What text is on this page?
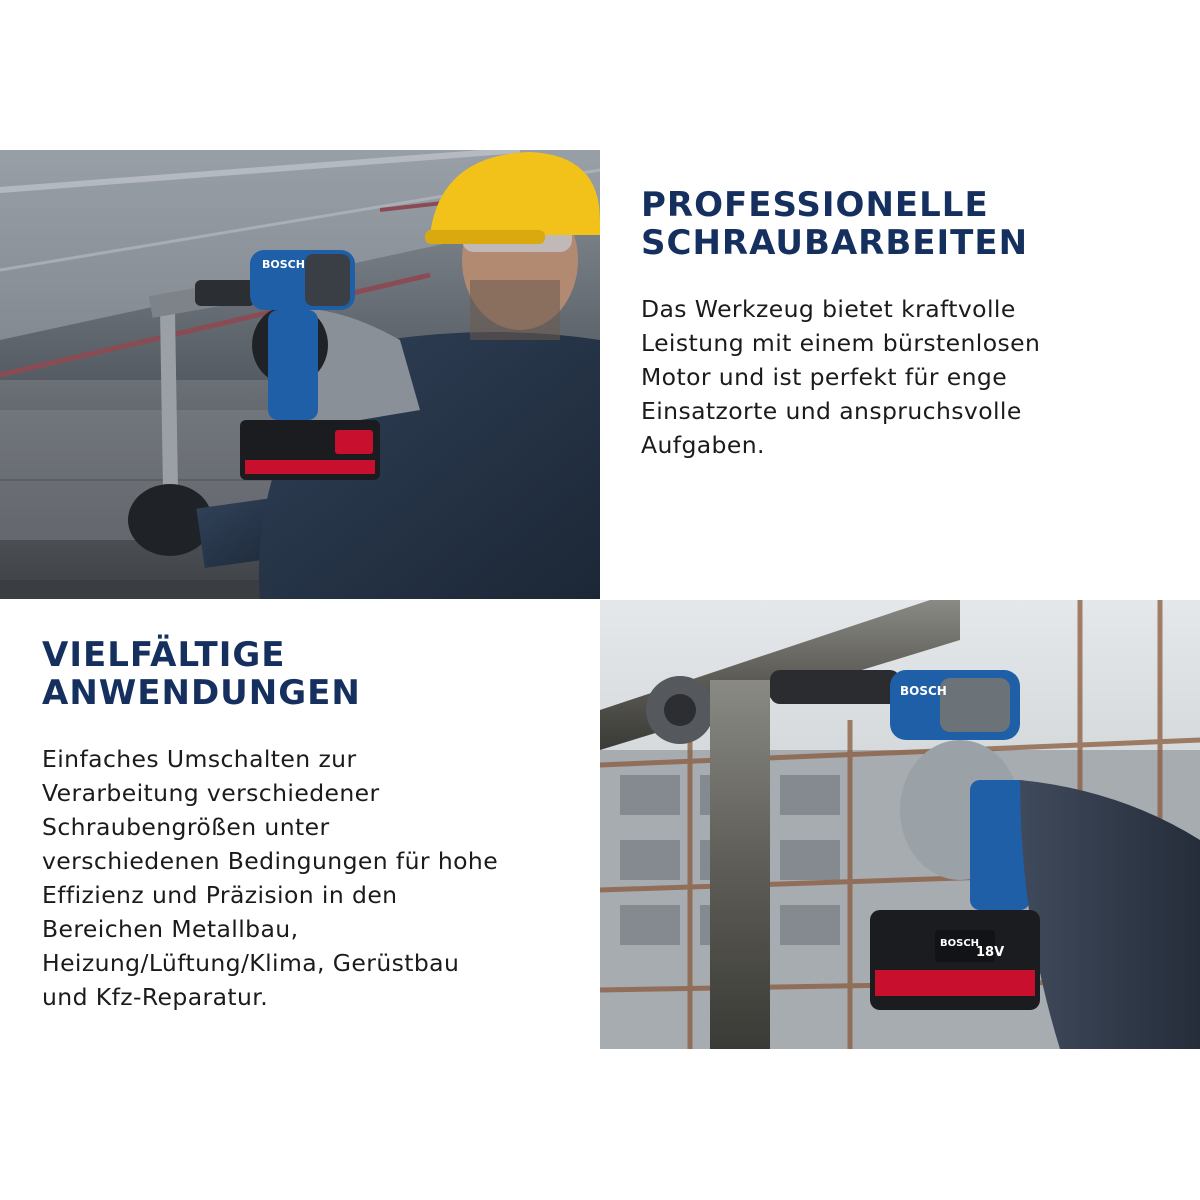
BOSCH
PROFESSIONELLE
SCHRAUBARBEITEN

Das Werkzeug bietet kraftvolle
Leistung mit einem bürstenlosen
Motor und ist perfekt für enge
Einsatzorte und anspruchsvolle
Aufgaben.

VIELFÄLTIGE
ANWENDUNGEN

Einfaches Umschalten zur
Verarbeitung verschiedener
Schraubengrößen unter
verschiedenen Bedingungen für hohe
Effizienz und Präzision in den
Bereichen Metallbau,
Heizung/Lüftung/Klima, Gerüstbau
und Kfz-Reparatur.

BOSCH
BOSCH
18V
